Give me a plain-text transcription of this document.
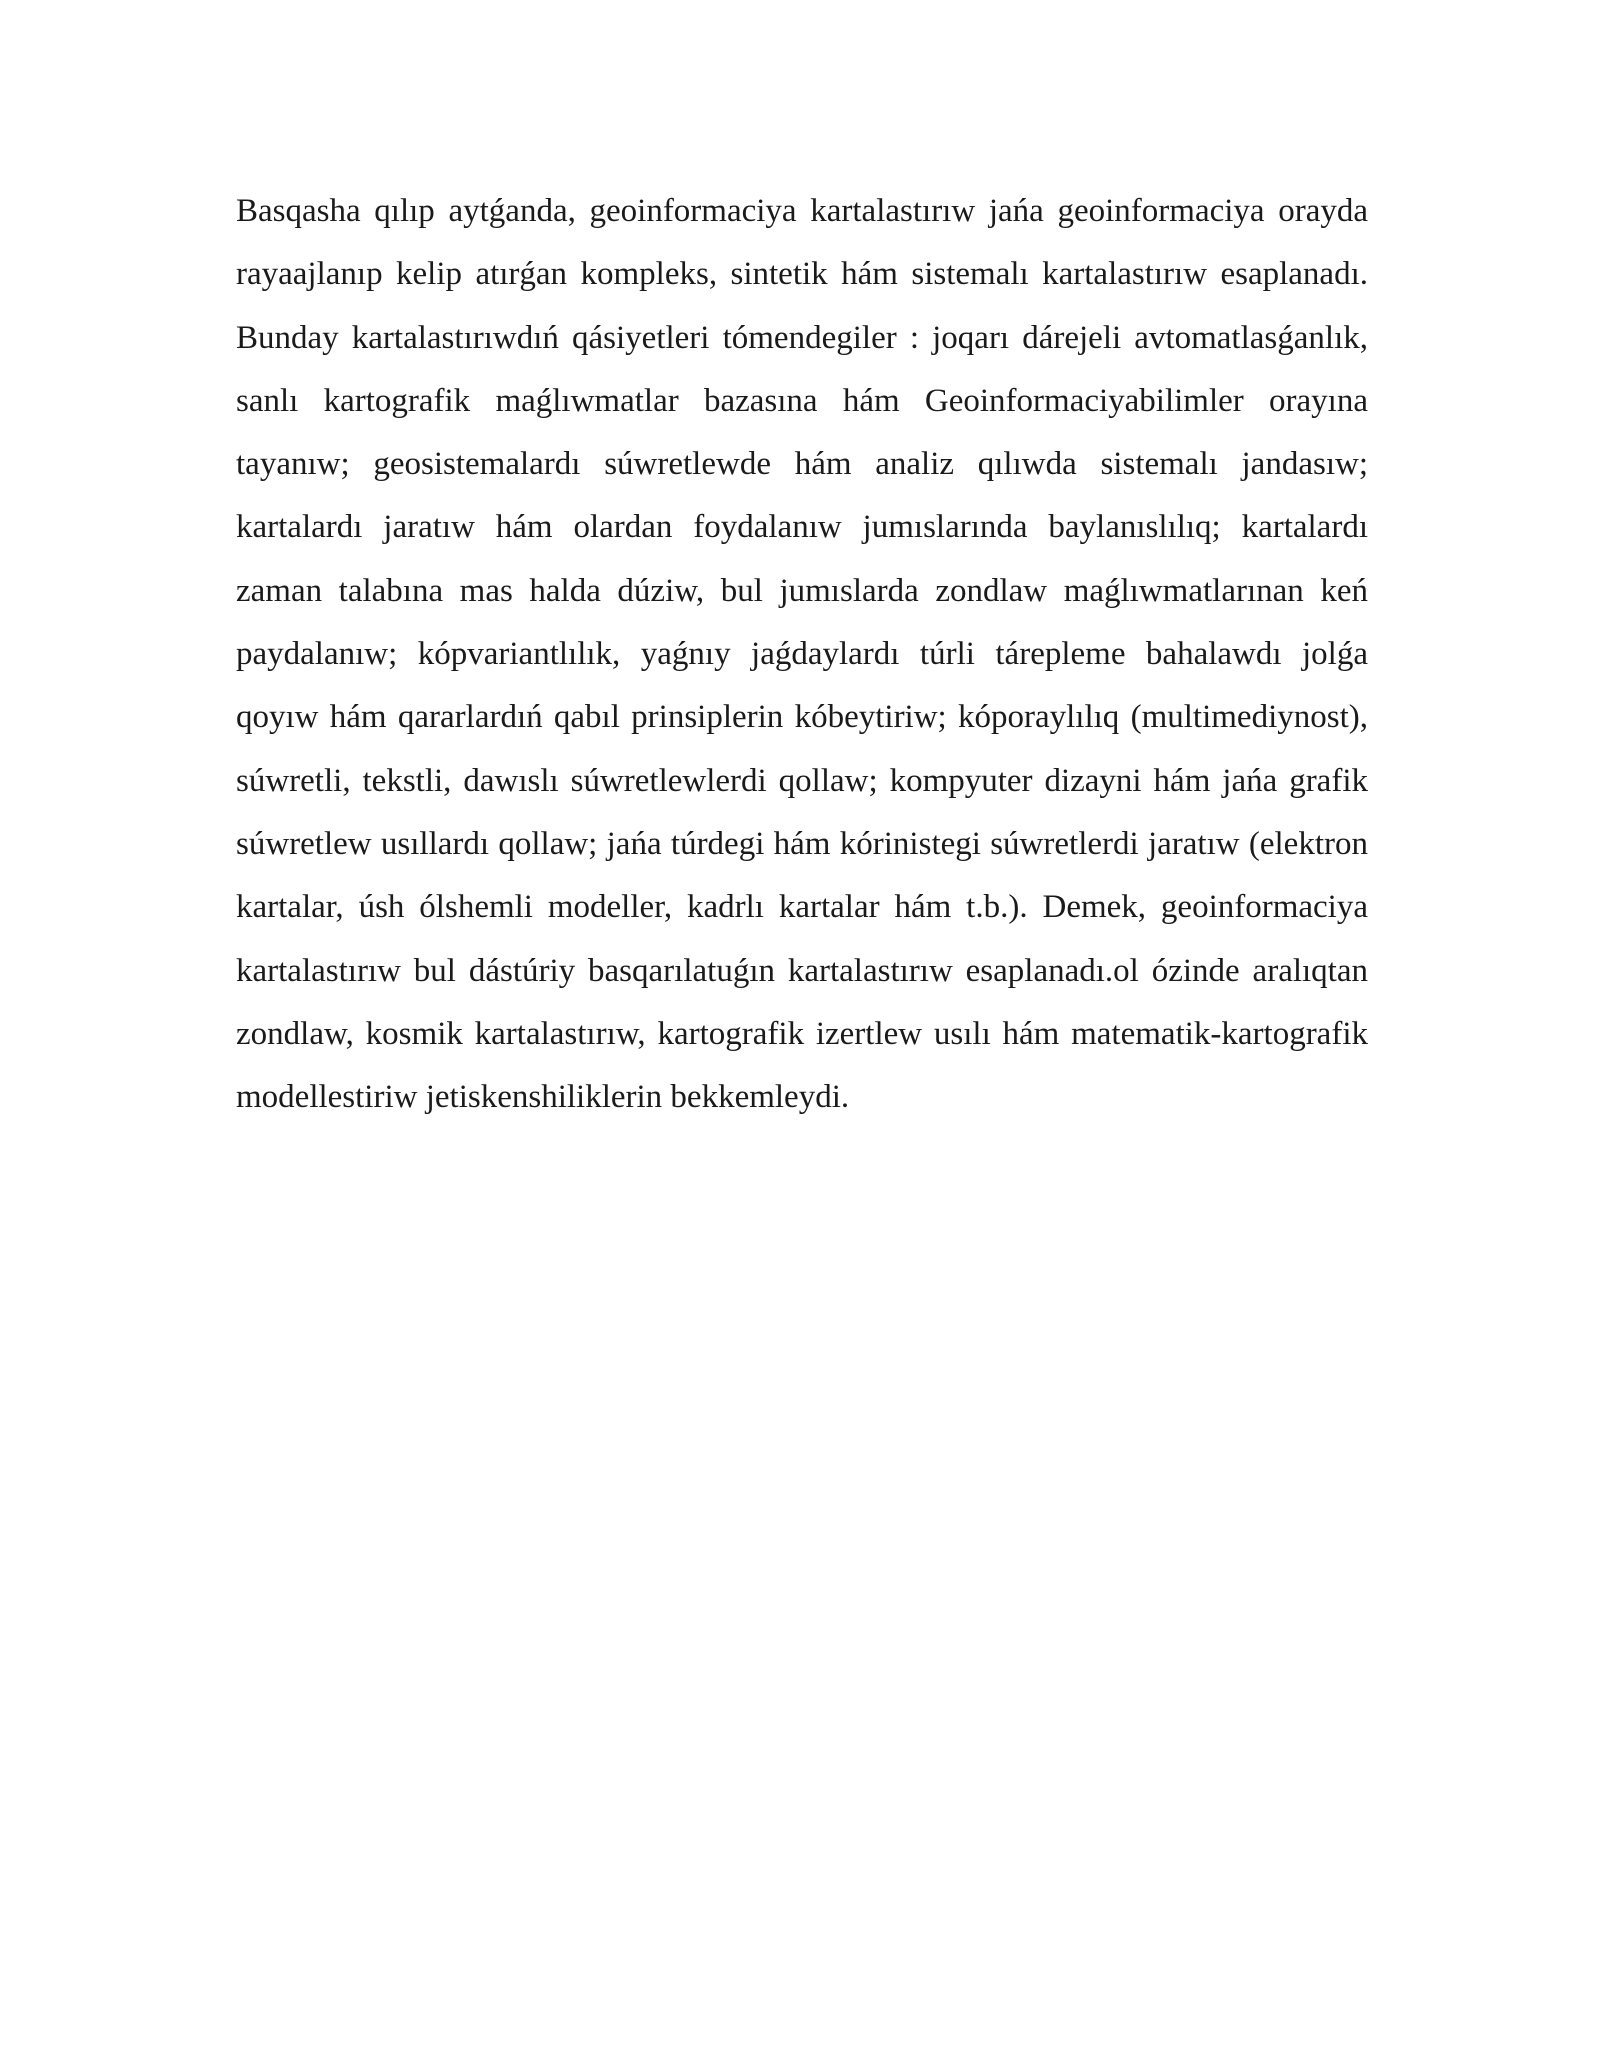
Basqasha qılıp aytǵanda, geoinformaciya kartalastırıw jańa geoinformaciya orayda rayaajlanıp kelip atırǵan kompleks, sintetik hám sistemalı kartalastırıw esaplanadı. Bunday kartalastırıwdıń qásiyetleri tómendegiler : joqarı dárejeli avtomatlasǵanlık, sanlı kartografik maǵlıwmatlar bazasına hám Geoinformaciyabilimler orayına tayanıw; geosistemalardı súwretlewde hám analiz qılıwda sistemalı jandasıw; kartalardı jaratıw hám olardan foydalanıw jumıslarında baylanıslılıq; kartalardı zaman talabına mas halda dúziw, bul jumıslarda zondlaw maǵlıwmatlarınan keń paydalanıw; kópvariantlılık, yaǵnıy jaǵdaylardı túrli tárepleme bahalawdı jolǵa qoyıw hám qararlardıń qabıl prinsiplerin kóbeytiriw; kóporaylılıq (multimediynost), súwretli, tekstli, dawıslı súwretlewlerdi qollaw; kompyuter dizayni hám jańa grafik súwretlew usıllardı qollaw; jańa túrdegi hám kórinistegi súwretlerdi jaratıw (elektron kartalar, úsh ólshemli modeller, kadrlı kartalar hám t.b.). Demek, geoinformaciya kartalastırıw bul dástúriy basqarılatuǵın kartalastırıw esaplanadı.ol ózinde aralıqtan zondlaw, kosmik kartalastırıw, kartografik izertlew usılı hám matematik-kartografik modellestiriw jetiskenshiliklerin bekkemleydi.
